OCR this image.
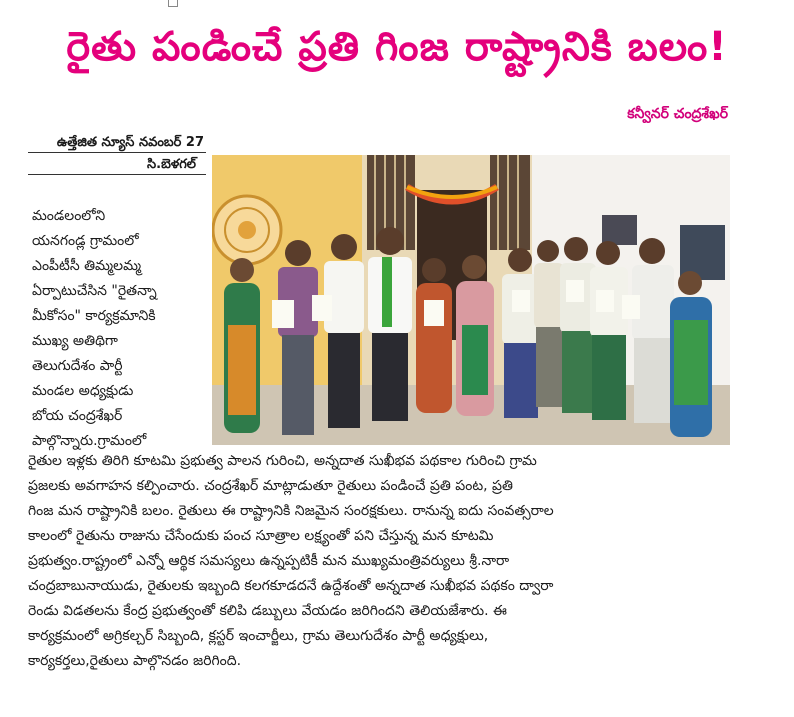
రైతు పండించే ప్రతి గింజ రాష్ట్రానికి బలం!
కన్వీనర్ చంద్రశేఖర్
ఉత్తేజిత న్యూస్ నవంబర్ 27
సి.బెళగల్
మండలంలోని
యనగండ్ల గ్రామంలో
ఎంపీటీసీ తిమ్మలమ్మ
ఏర్పాటుచేసిన "రైతన్నా
మీకోసం" కార్యక్రమానికి
ముఖ్య అతిథిగా
తెలుగుదేశం పార్టీ
మండల అధ్యక్షుడు
బోయ చంద్రశేఖర్
పాల్గొన్నారు.గ్రామంలో
రైతుల ఇళ్లకు తిరిగి కూటమి ప్రభుత్వ పాలన గురించి, అన్నదాత సుఖీభవ పథకాల గురించి గ్రామ
ప్రజలకు అవగాహన కల్పించారు. చంద్రశేఖర్ మాట్లాడుతూ రైతులు పండించే ప్రతి పంట, ప్రతి
గింజ మన రాష్ట్రానికి బలం. రైతులు ఈ రాష్ట్రానికి నిజమైన సంరక్షకులు. రానున్న ఐదు సంవత్సరాల
కాలంలో రైతును రాజును చేసేందుకు పంచ సూత్రాల లక్ష్యంతో పని చేస్తున్న మన కూటమి
ప్రభుత్వం.రాష్ట్రంలో ఎన్నో ఆర్థిక సమస్యలు ఉన్నప్పటికీ మన ముఖ్యమంత్రివర్యులు శ్రీ.నారా
చంద్రబాబునాయుడు, రైతులకు ఇబ్బంది కలగకూడదనే ఉద్దేశంతో అన్నదాత సుఖీభవ పథకం ద్వారా
రెండు విడతలను కేంద్ర ప్రభుత్వంతో కలిపి డబ్బులు వేయడం జరిగిందని తెలియజేశారు. ఈ
కార్యక్రమంలో అగ్రికల్చర్ సిబ్బంది, క్లస్టర్ ఇంచార్జీలు, గ్రామ తెలుగుదేశం పార్టీ అధ్యక్షులు,
కార్యకర్తలు,రైతులు పాల్గొనడం జరిగింది.
